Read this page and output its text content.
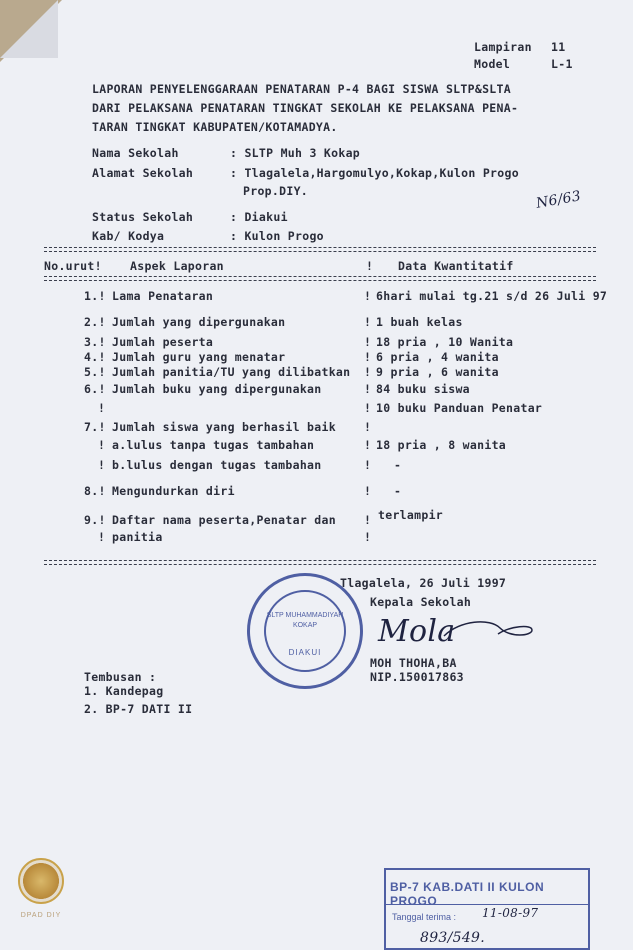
Lampiran 11
Model	L-1
LAPORAN PENYELENGGARAAN PENATARAN P-4 BAGI SISWA SLTP&SLTA
DARI PELAKSANA PENATARAN TINGKAT SEKOLAH KE PELAKSANA PENA-
TARAN TINGKAT KABUPATEN/KOTAMADYA.
Nama Sekolah	: SLTP Muh 3 Kokap
Alamat Sekolah	: Tlagalela,Hargomulyo,Kokap,Kulon Progo
Prop.DIY.	N6/63
Status Sekolah	: Diakui
Kab/ Kodya	: Kulon Progo
No.urut! Aspek Laporan	! Data Kwantitatif
1.! Lama Penataran	! 6hari mulai tg.21 s/d 26 Juli 97
2.! Jumlah yang dipergunakan	! 1 buah kelas
3.! Jumlah peserta	! 18 pria , 10 Wanita
4.! Jumlah guru yang menatar	! 6 pria , 4 wanita
5.! Jumlah panitia/TU yang dilibatkan ! 9 pria , 6 wanita
6.! Jumlah buku yang dipergunakan	! 84 buku siswa
!	! 10 buku Panduan Penatar
7.! Jumlah siswa yang berhasil baik !
! a.lulus tanpa tugas tambahan	! 18 pria , 8 wanita
! b.lulus dengan tugas tambahan	! -
8.! Mengundurkan diri	! -
9.! Daftar nama peserta,Penatar dan ! terlampir
! panitia	!
SLTP MUHAMMADIYAH
KOKAP
DIAKUI
Tlagalela, 26 Juli 1997
Kepala Sekolah
Mola
MOH THOHA,BA
NIP.150017863
Tembusan :
1. Kandepag
2. BP-7 DATI II
DPAD DIY
BP-7 KAB.DATI II KULON PROGO
Tanggal terima : 11-08-97
893/549.
